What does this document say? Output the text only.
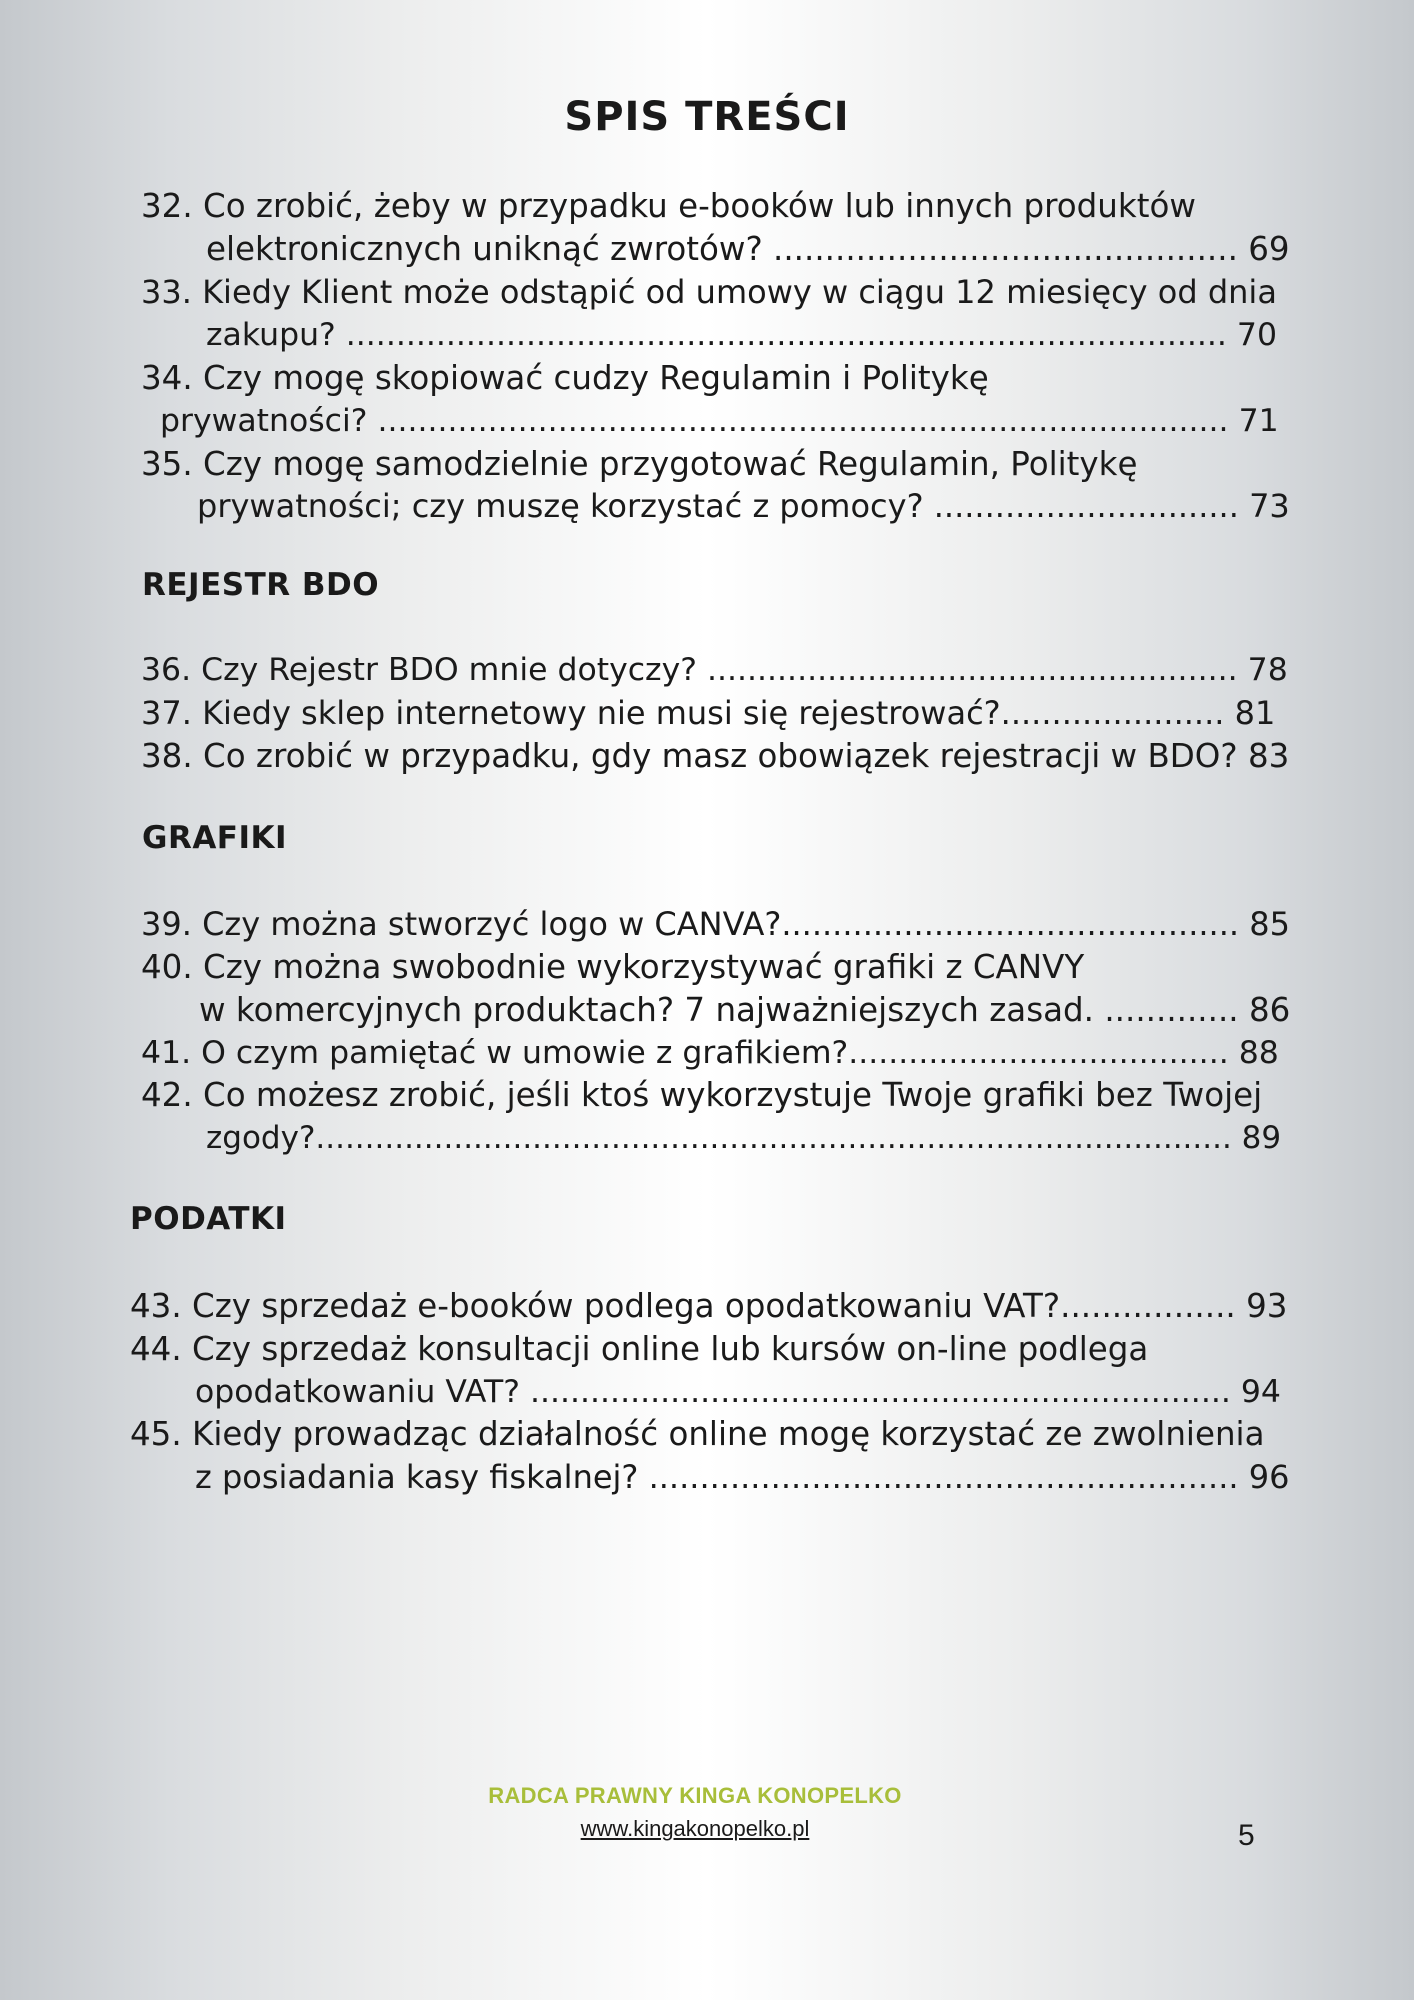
SPIS TREŚCI
32. Co zrobić, żeby w przypadku e-booków lub innych produktów
elektronicznych uniknąć zwrotów? ............................................. 69
33. Kiedy Klient może odstąpić od umowy w ciągu 12 miesięcy od dnia
zakupu? ........................................................................................ 70
34. Czy mogę skopiować cudzy Regulamin i Politykę
prywatności? ..................................................................................... 71
35. Czy mogę samodzielnie przygotować Regulamin, Politykę
prywatności; czy muszę korzystać z pomocy? .............................. 73
REJESTR BDO
36. Czy Rejestr BDO mnie dotyczy? ..................................................... 78
37. Kiedy sklep internetowy nie musi się rejestrować?...................... 81
38. Co zrobić w przypadku, gdy masz obowiązek rejestracji w BDO? 83
GRAFIKI
39. Czy można stworzyć logo w CANVA?............................................. 85
40. Czy można swobodnie wykorzystywać grafiki z CANVY
w komercyjnych produktach? 7 najważniejszych zasad. ............. 86
41. O czym pamiętać w umowie z grafikiem?...................................... 88
42. Co możesz zrobić, jeśli ktoś wykorzystuje Twoje grafiki bez Twojej
zgody?............................................................................................. 89
PODATKI
43. Czy sprzedaż e-booków podlega opodatkowaniu VAT?................. 93
44. Czy sprzedaż konsultacji online lub kursów on-line podlega
opodatkowaniu VAT? ...................................................................... 94
45. Kiedy prowadząc działalność online mogę korzystać ze zwolnienia
z posiadania kasy fiskalnej? .......................................................... 96
RADCA PRAWNY KINGA KONOPELKO
www.kingakonopelko.pl	5
